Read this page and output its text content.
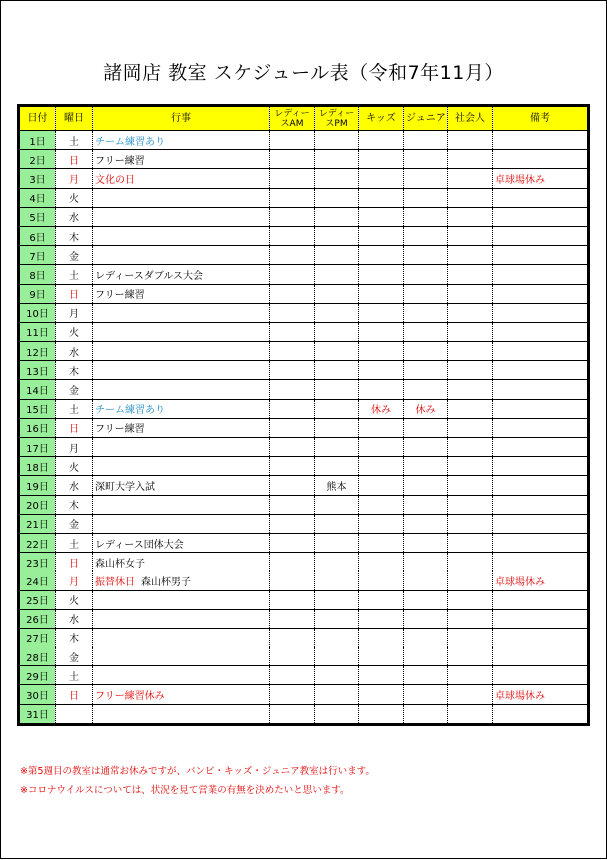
諸岡店 教室 スケジュール表（令和7年11月）
日付	曜日	行事	レディースAM	レディースPM	キッズ	ジュニア	社会人	備考
1日	土	チーム練習あり						
2日	日	フリー練習						
3日	月	文化の日						卓球場休み
4日	火							
5日	水							
6日	木							
7日	金							
8日	土	レディースダブルス大会						
9日	日	フリー練習						
10日	月							
11日	火							
12日	水							
13日	木							
14日	金							
15日	土	チーム練習あり			休み	休み		
16日	日	フリー練習						
17日	月							
18日	火							
19日	水	深町大学入試		熊本				
20日	木							
21日	金							
22日	土	レディース団体大会						
23日	日	森山杯女子						
24日	月	振替休日 森山杯男子						卓球場休み
25日	火							
26日	水							
27日	木							
28日	金							
29日	土							
30日	日	フリー練習休み						卓球場休み
31日								
※第5週目の教室は通常お休みですが、バンビ・キッズ・ジュニア教室は行います。
※コロナウイルスについては、状況を見て営業の有無を決めたいと思います。
